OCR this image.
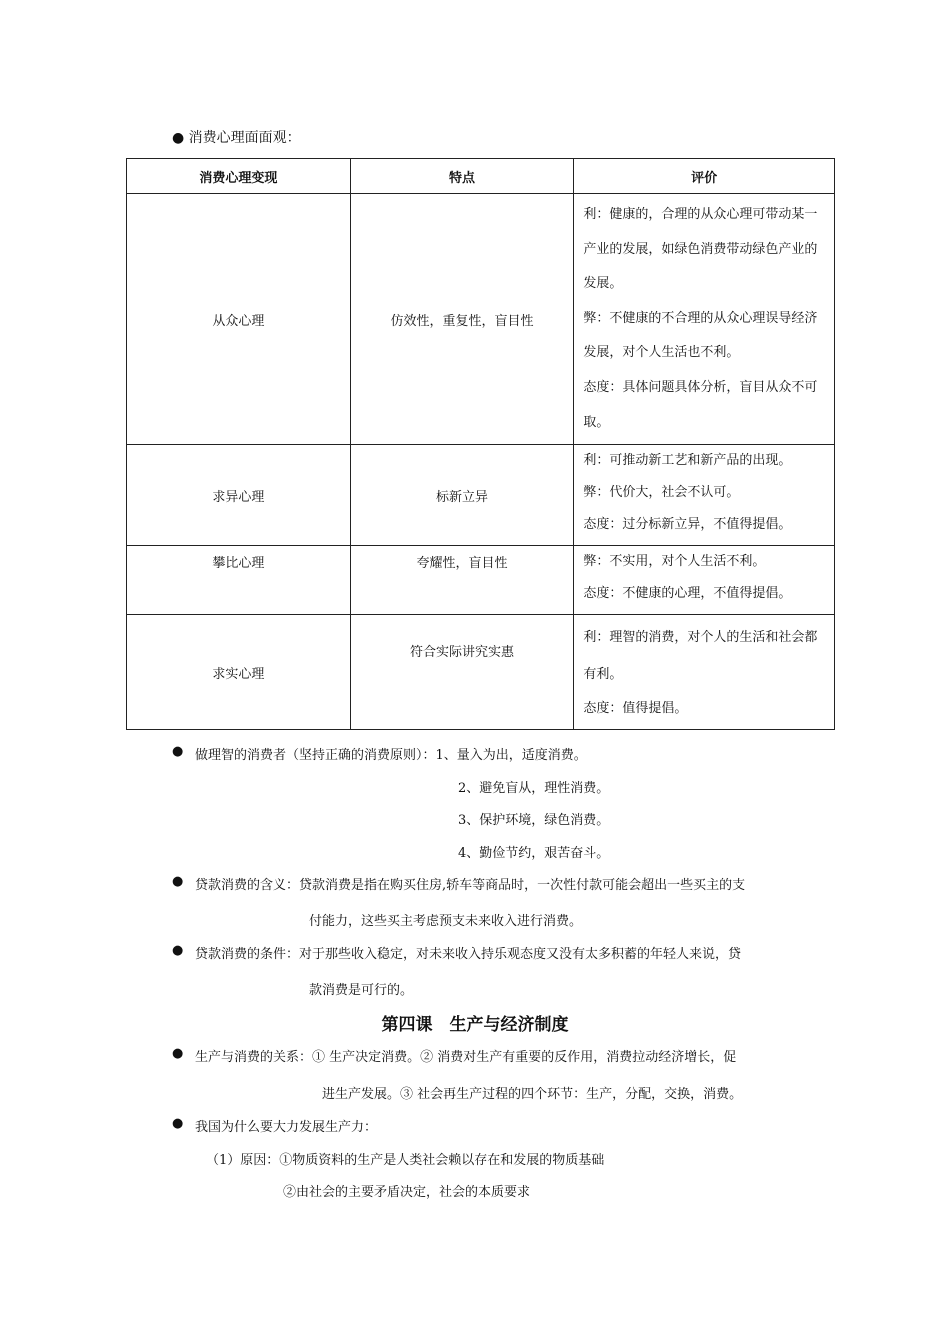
● 消费心理面面观：
消费心理变现	特点	评价
从众心理	仿效性，重复性，盲目性	利：健康的，合理的从众心理可带动某一产业的发展，如绿色消费带动绿色产业的发展。
弊：不健康的不合理的从众心理误导经济发展，对个人生活也不利。
态度：具体问题具体分析，盲目从众不可取。

求异心理	标新立异	利：可推动新工艺和新产品的出现。
弊：代价大，社会不认可。
态度：过分标新立异，不值得提倡。

攀比心理	夸耀性，盲目性	弊：不实用，对个人生活不利。
态度：不健康的心理，不值得提倡。

求实心理	符合实际讲究实惠	利：理智的消费，对个人的生活和社会都有利。
态度：值得提倡。
● 做理智的消费者（坚持正确的消费原则）：1、量入为出，适度消费。
2、避免盲从，理性消费。
3、保护环境，绿色消费。
4、勤俭节约，艰苦奋斗。
● 贷款消费的含义：贷款消费是指在购买住房,轿车等商品时，一次性付款可能会超出一些买主的支
付能力，这些买主考虑预支未来收入进行消费。
● 贷款消费的条件：对于那些收入稳定，对未来收入持乐观态度又没有太多积蓄的年轻人来说，贷
款消费是可行的。
第四课　生产与经济制度
● 生产与消费的关系：① 生产决定消费。② 消费对生产有重要的反作用，消费拉动经济增长，促
进生产发展。③ 社会再生产过程的四个环节：生产，分配，交换，消费。
● 我国为什么要大力发展生产力：
（1）原因：①物质资料的生产是人类社会赖以存在和发展的物质基础
②由社会的主要矛盾决定，社会的本质要求
